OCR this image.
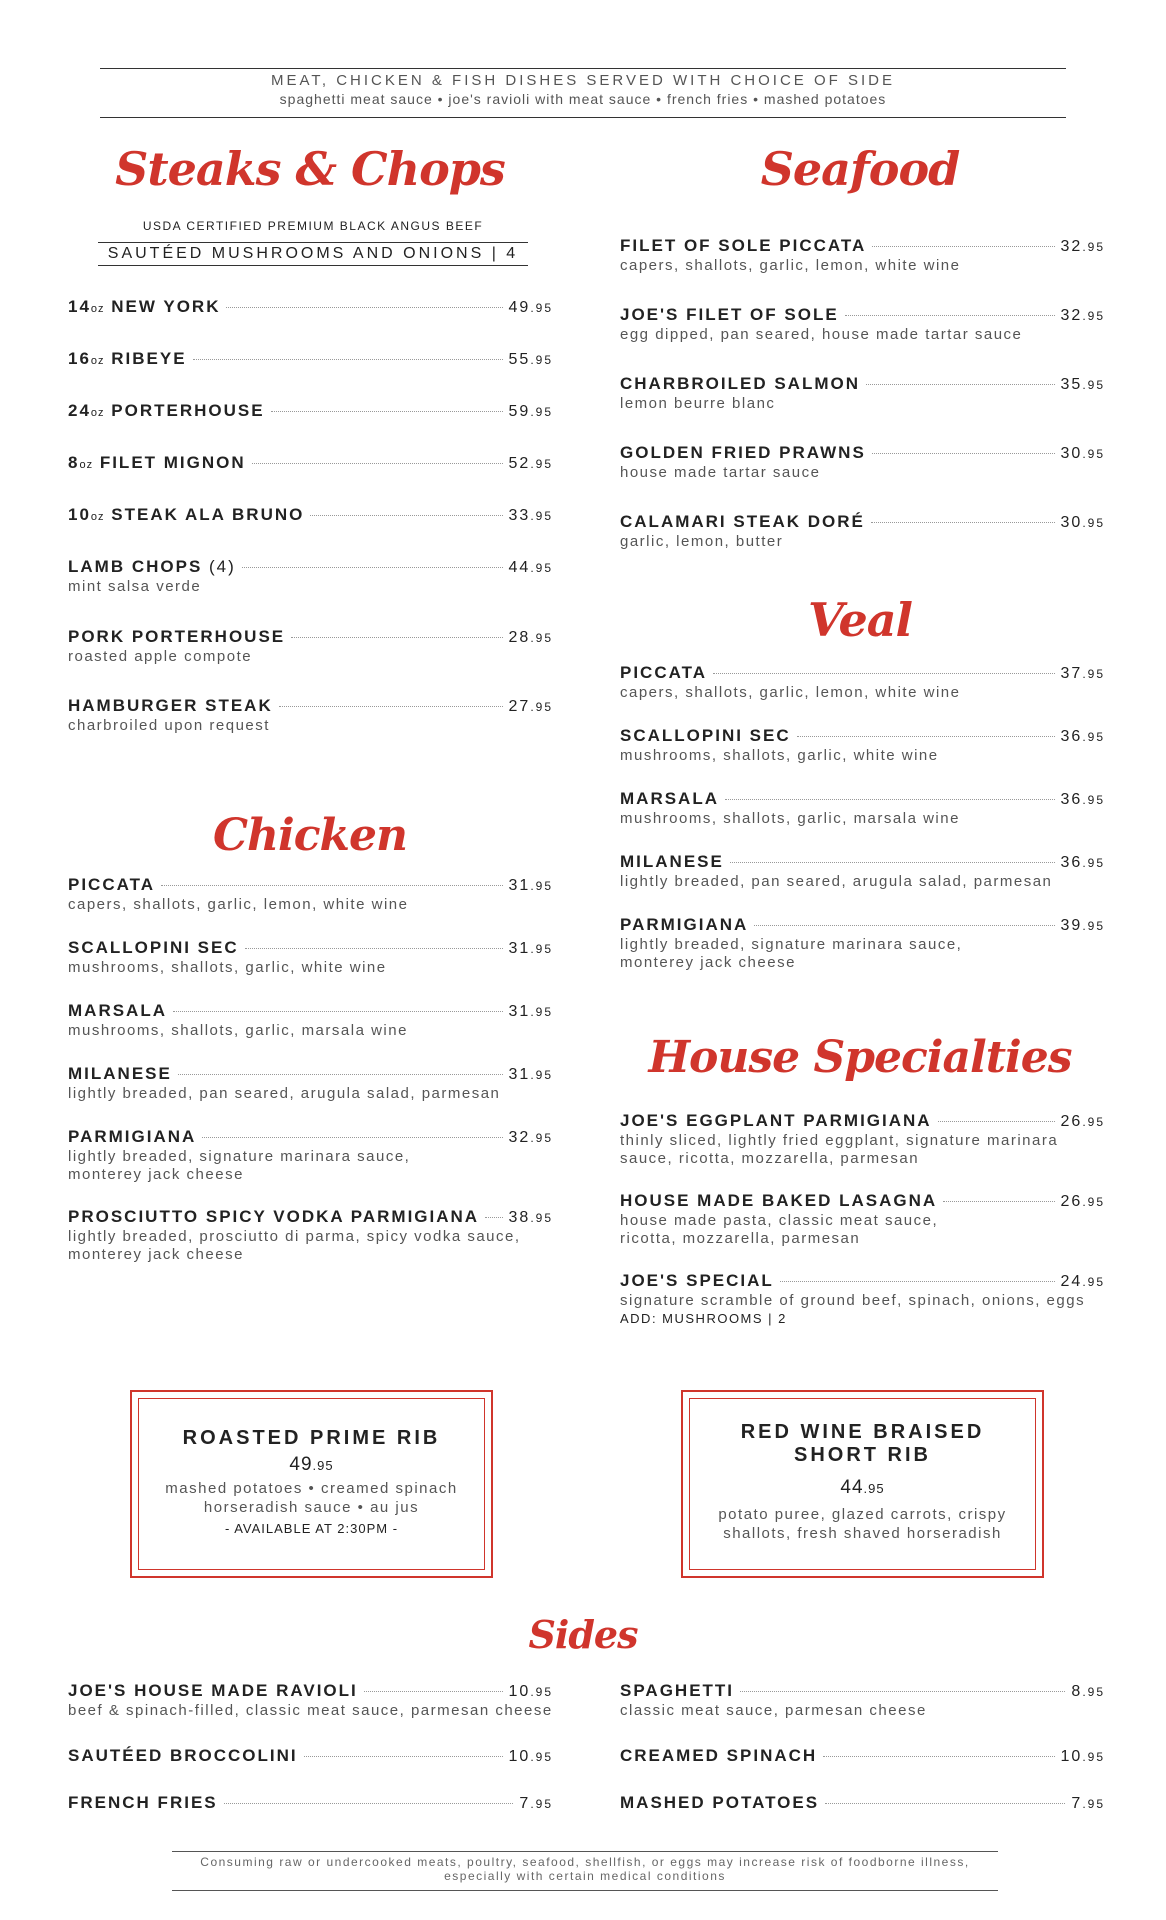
MEAT, CHICKEN & FISH DISHES SERVED WITH CHOICE OF SIDE
spaghetti meat sauce • joe's ravioli with meat sauce • french fries • mashed potatoes
Steaks & Chops
USDA CERTIFIED PREMIUM BLACK ANGUS BEEF
SAUTÉED MUSHROOMS AND ONIONS | 4
14oz NEW YORK	49.95
16oz RIBEYE	55.95
24oz PORTERHOUSE	59.95
8oz FILET MIGNON	52.95
10oz STEAK ALA BRUNO	33.95
LAMB CHOPS (4)	44.95
mint salsa verde
PORK PORTERHOUSE	28.95
roasted apple compote
HAMBURGER STEAK	27.95
charbroiled upon request
Chicken
PICCATA	31.95
capers, shallots, garlic, lemon, white wine
SCALLOPINI SEC	31.95
mushrooms, shallots, garlic, white wine
MARSALA	31.95
mushrooms, shallots, garlic, marsala wine
MILANESE	31.95
lightly breaded, pan seared, arugula salad, parmesan
PARMIGIANA	32.95
lightly breaded, signature marinara sauce,
monterey jack cheese
PROSCIUTTO SPICY VODKA PARMIGIANA 38.95
lightly breaded, prosciutto di parma, spicy vodka sauce,
monterey jack cheese
Seafood
FILET OF SOLE PICCATA	32.95
capers, shallots, garlic, lemon, white wine
JOE'S FILET OF SOLE	32.95
egg dipped, pan seared, house made tartar sauce
CHARBROILED SALMON	35.95
lemon beurre blanc
GOLDEN FRIED PRAWNS	30.95
house made tartar sauce
CALAMARI STEAK DORÉ	30.95
garlic, lemon, butter
Veal
PICCATA	37.95
capers, shallots, garlic, lemon, white wine
SCALLOPINI SEC	36.95
mushrooms, shallots, garlic, white wine
MARSALA	36.95
mushrooms, shallots, garlic, marsala wine
MILANESE	36.95
lightly breaded, pan seared, arugula salad, parmesan
PARMIGIANA	39.95
lightly breaded, signature marinara sauce,
monterey jack cheese
House Specialties
JOE'S EGGPLANT PARMIGIANA	26.95
thinly sliced, lightly fried eggplant, signature marinara
sauce, ricotta, mozzarella, parmesan
HOUSE MADE BAKED LASAGNA	26.95
house made pasta, classic meat sauce,
ricotta, mozzarella, parmesan
JOE'S SPECIAL	24.95
signature scramble of ground beef, spinach, onions, eggs
ADD: MUSHROOMS | 2
ROASTED PRIME RIB
49.95
mashed potatoes • creamed spinach
horseradish sauce • au jus
- AVAILABLE AT 2:30PM -
RED WINE BRAISED
SHORT RIB
44.95
potato puree, glazed carrots, crispy
shallots, fresh shaved horseradish
Sides
JOE'S HOUSE MADE RAVIOLI	10.95
beef & spinach-filled, classic meat sauce, parmesan cheese
SPAGHETTI	8.95
classic meat sauce, parmesan cheese
SAUTÉED BROCCOLINI	10.95	CREAMED SPINACH	10.95
FRENCH FRIES	7.95	MASHED POTATOES	7.95
Consuming raw or undercooked meats, poultry, seafood, shellfish, or eggs may increase risk of foodborne illness,
especially with certain medical conditions
